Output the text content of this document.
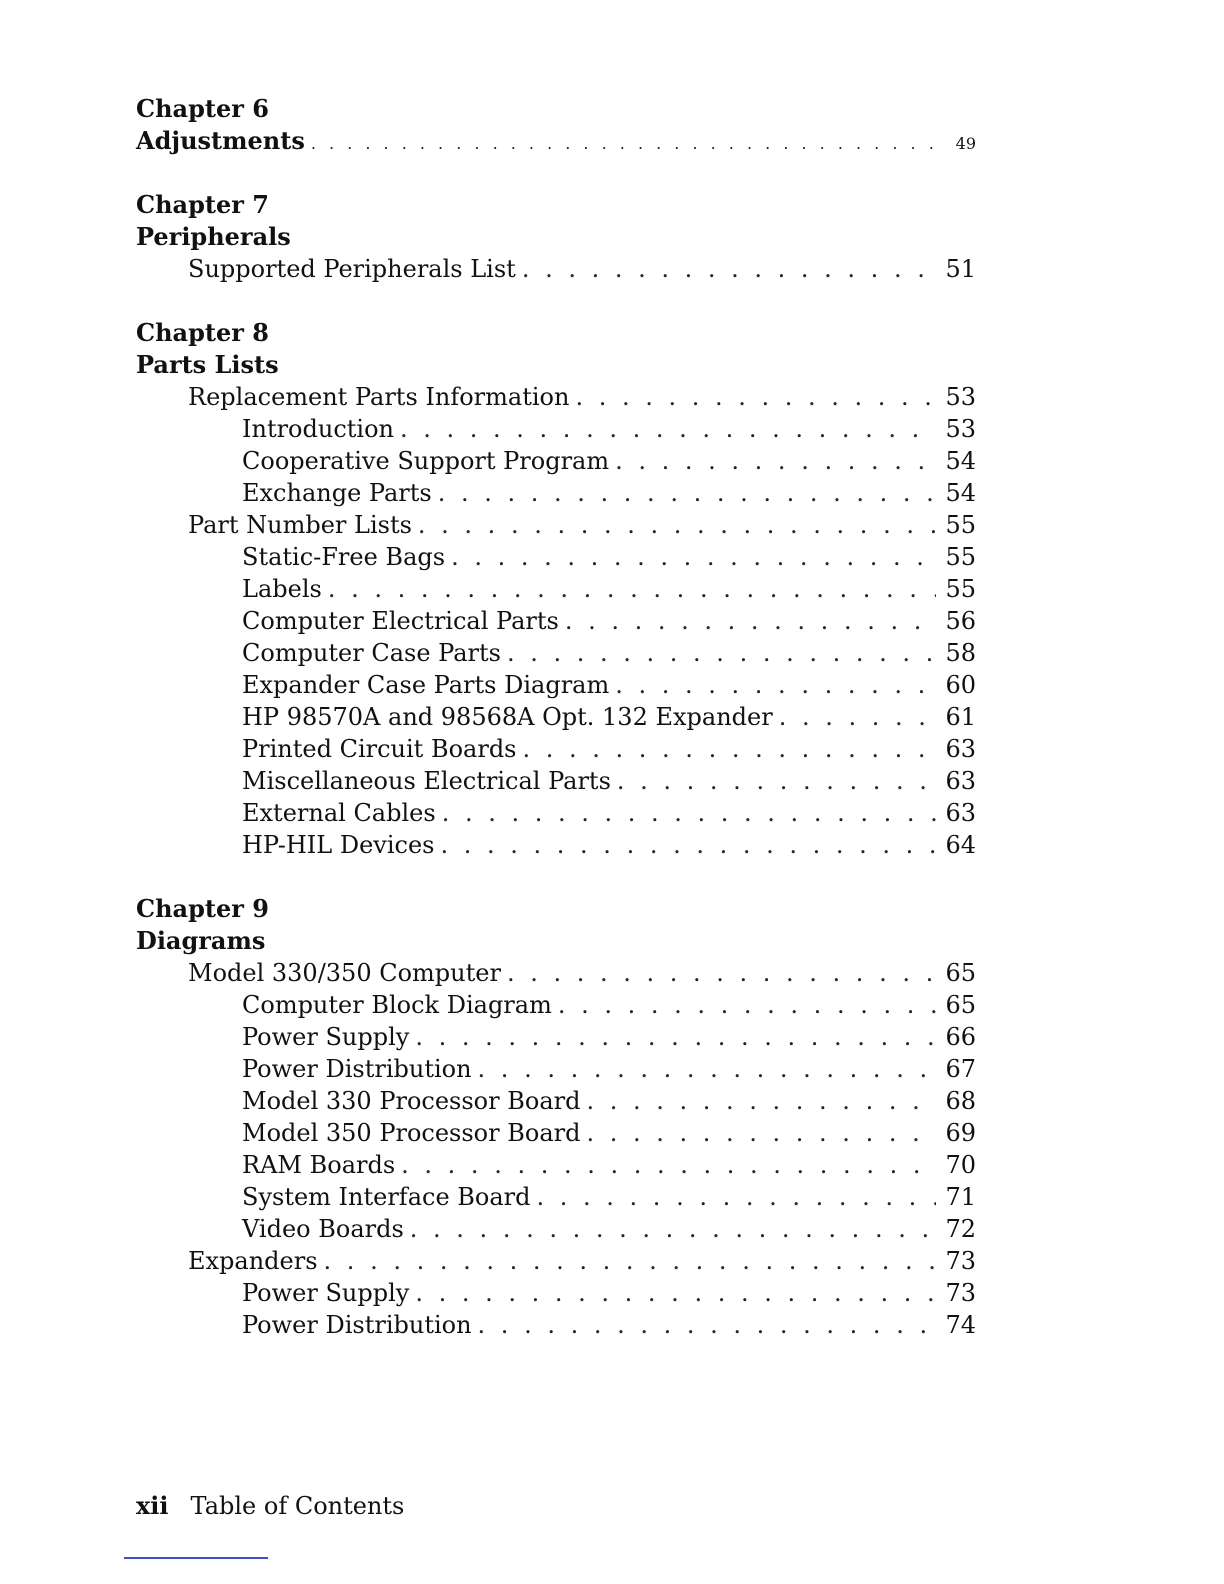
Chapter 6
Adjustments . . .	49
Chapter 7
Peripherals
Supported Peripherals List . . .	51
Chapter 8
Parts Lists
Replacement Parts Information . . .	53
Introduction . . .	53
Cooperative Support Program . . .	54
Exchange Parts . . .	54
Part Number Lists . . .	55
Static-Free Bags . . .	55
Labels . . .	55
Computer Electrical Parts . . .	56
Computer Case Parts . . .	58
Expander Case Parts Diagram . . .	60
HP 98570A and 98568A Opt. 132 Expander . . .	61
Printed Circuit Boards . . .	63
Miscellaneous Electrical Parts . . .	63
External Cables . . .	63
HP-HIL Devices . . .	64
Chapter 9
Diagrams
Model 330/350 Computer . . .	65
Computer Block Diagram . . .	65
Power Supply . . .	66
Power Distribution . . .	67
Model 330 Processor Board . . .	68
Model 350 Processor Board . . .	69
RAM Boards . . .	70
System Interface Board . . .	71
Video Boards . . .	72
Expanders . . .	73
Power Supply . . .	73
Power Distribution . . .	74
xii Table of Contents
